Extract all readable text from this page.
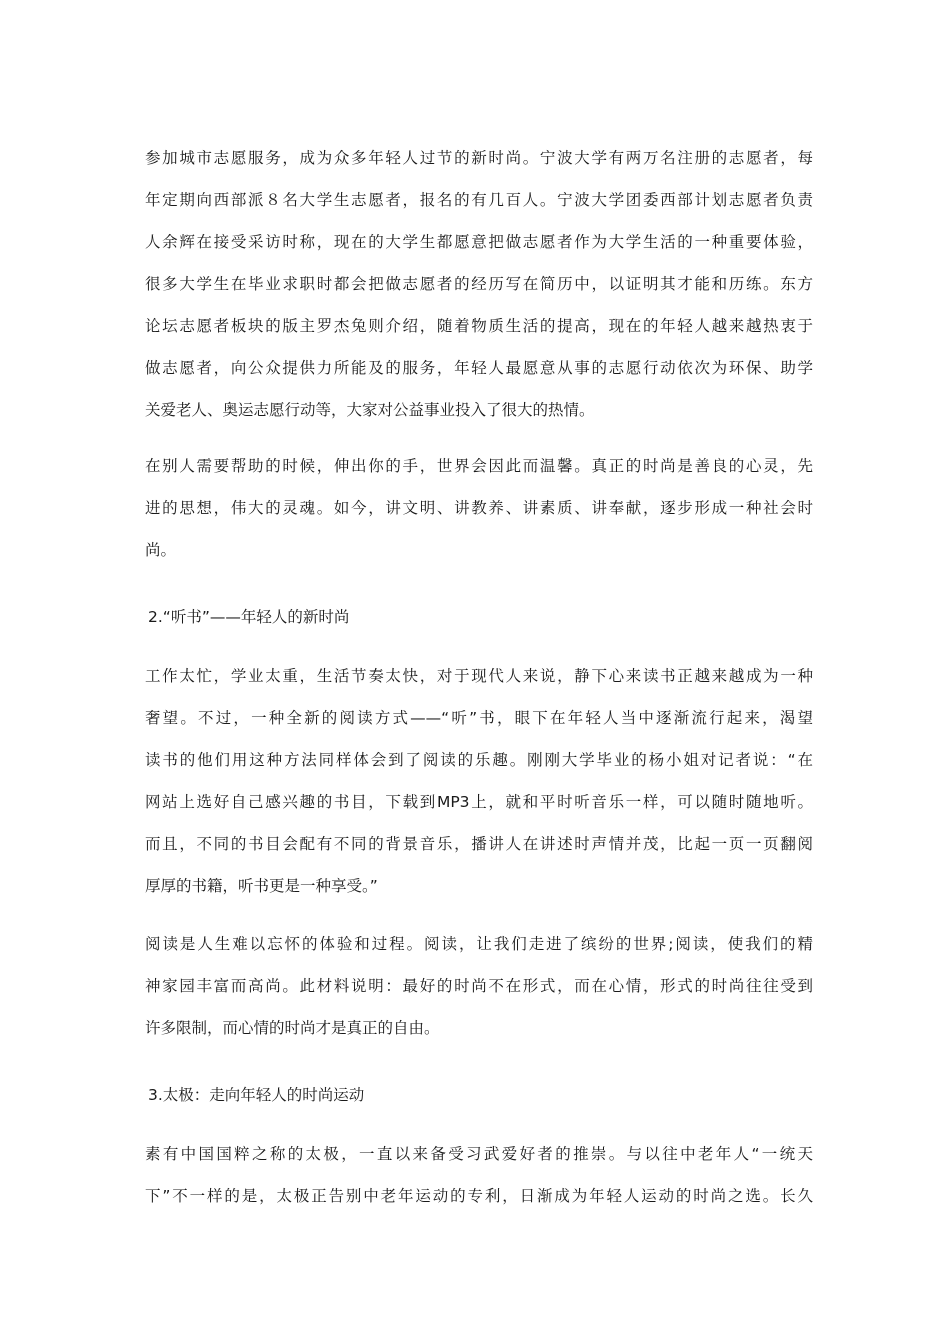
参加城市志愿服务，成为众多年轻人过节的新时尚。宁波大学有两万名注册的志愿者，每
年定期向西部派８名大学生志愿者，报名的有几百人。宁波大学团委西部计划志愿者负责
人余辉在接受采访时称，现在的大学生都愿意把做志愿者作为大学生活的一种重要体验，
很多大学生在毕业求职时都会把做志愿者的经历写在简历中，以证明其才能和历练。东方
论坛志愿者板块的版主罗杰兔则介绍，随着物质生活的提高，现在的年轻人越来越热衷于
做志愿者，向公众提供力所能及的服务，年轻人最愿意从事的志愿行动依次为环保、助学
关爱老人、奥运志愿行动等，大家对公益事业投入了很大的热情。
在别人需要帮助的时候，伸出你的手，世界会因此而温馨。真正的时尚是善良的心灵，先
进的思想，伟大的灵魂。如今，讲文明、讲教养、讲素质、讲奉献，逐步形成一种社会时
尚。
2.“听书”——年轻人的新时尚
工作太忙，学业太重，生活节奏太快，对于现代人来说，静下心来读书正越来越成为一种
奢望。不过，一种全新的阅读方式——“听”书，眼下在年轻人当中逐渐流行起来，渴望
读书的他们用这种方法同样体会到了阅读的乐趣。刚刚大学毕业的杨小姐对记者说：“在
网站上选好自己感兴趣的书目，下载到MP3上，就和平时听音乐一样，可以随时随地听。
而且，不同的书目会配有不同的背景音乐，播讲人在讲述时声情并茂，比起一页一页翻阅
厚厚的书籍，听书更是一种享受。”
阅读是人生难以忘怀的体验和过程。阅读，让我们走进了缤纷的世界;阅读，使我们的精
神家园丰富而高尚。此材料说明：最好的时尚不在形式，而在心情，形式的时尚往往受到
许多限制，而心情的时尚才是真正的自由。
3.太极：走向年轻人的时尚运动
素有中国国粹之称的太极，一直以来备受习武爱好者的推崇。与以往中老年人“一统天
下”不一样的是，太极正告别中老年运动的专利，日渐成为年轻人运动的时尚之选。长久
